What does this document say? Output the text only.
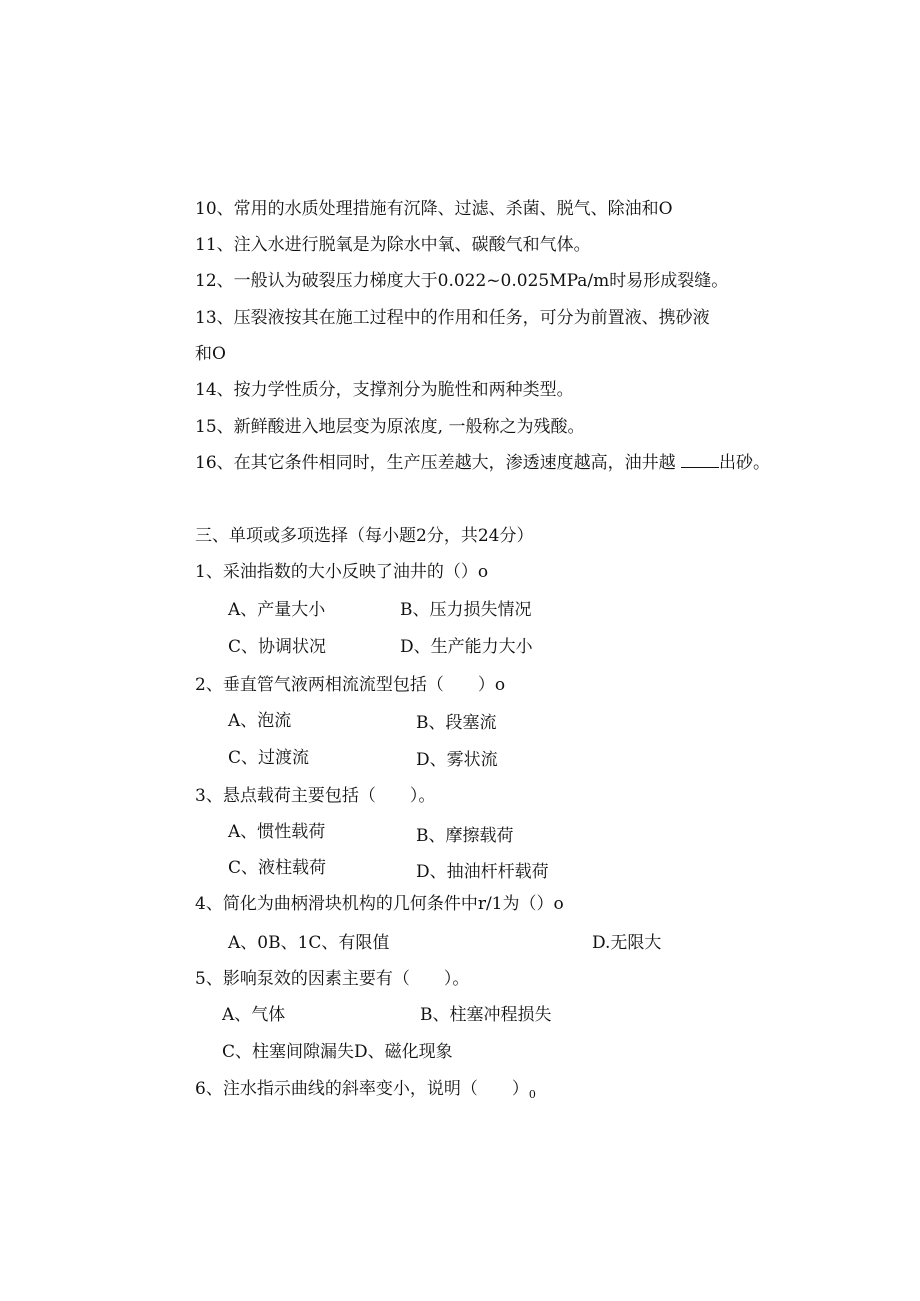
10、常用的水质处理措施有沉降、过滤、杀菌、脱气、除油和O
11、注入水进行脱氧是为除水中氧、碳酸气和气体。
12、一般认为破裂压力梯度大于0.022~0.025MPa/m时易形成裂缝。
13、压裂液按其在施工过程中的作用和任务，可分为前置液、携砂液
和O
14、按力学性质分，支撑剂分为脆性和两种类型。
15、新鲜酸进入地层变为原浓度, 一般称之为残酸。
16、在其它条件相同时，生产压差越大，渗透速度越高，油井越	出砂。
三、单项或多项选择（每小题2分，共24分）
1、采油指数的大小反映了油井的（）o
A、产量大小	B、压力损失情况
C、协调状况	D、生产能力大小
2、垂直管气液两相流流型包括（　　）o
A、泡流	B、段塞流
C、过渡流	D、雾状流
3、悬点载荷主要包括（　　）。
A、惯性载荷	B、摩擦载荷
C、液柱载荷	D、抽油杆杆载荷
4、简化为曲柄滑块机构的几何条件中r/1为（）o
A、0B、1C、有限值	D.无限大
5、影响泵效的因素主要有（　　）。
A、气体	B、柱塞冲程损失
C、柱塞间隙漏失D、磁化现象
6、注水指示曲线的斜率变小，说明（　　）$_0$
